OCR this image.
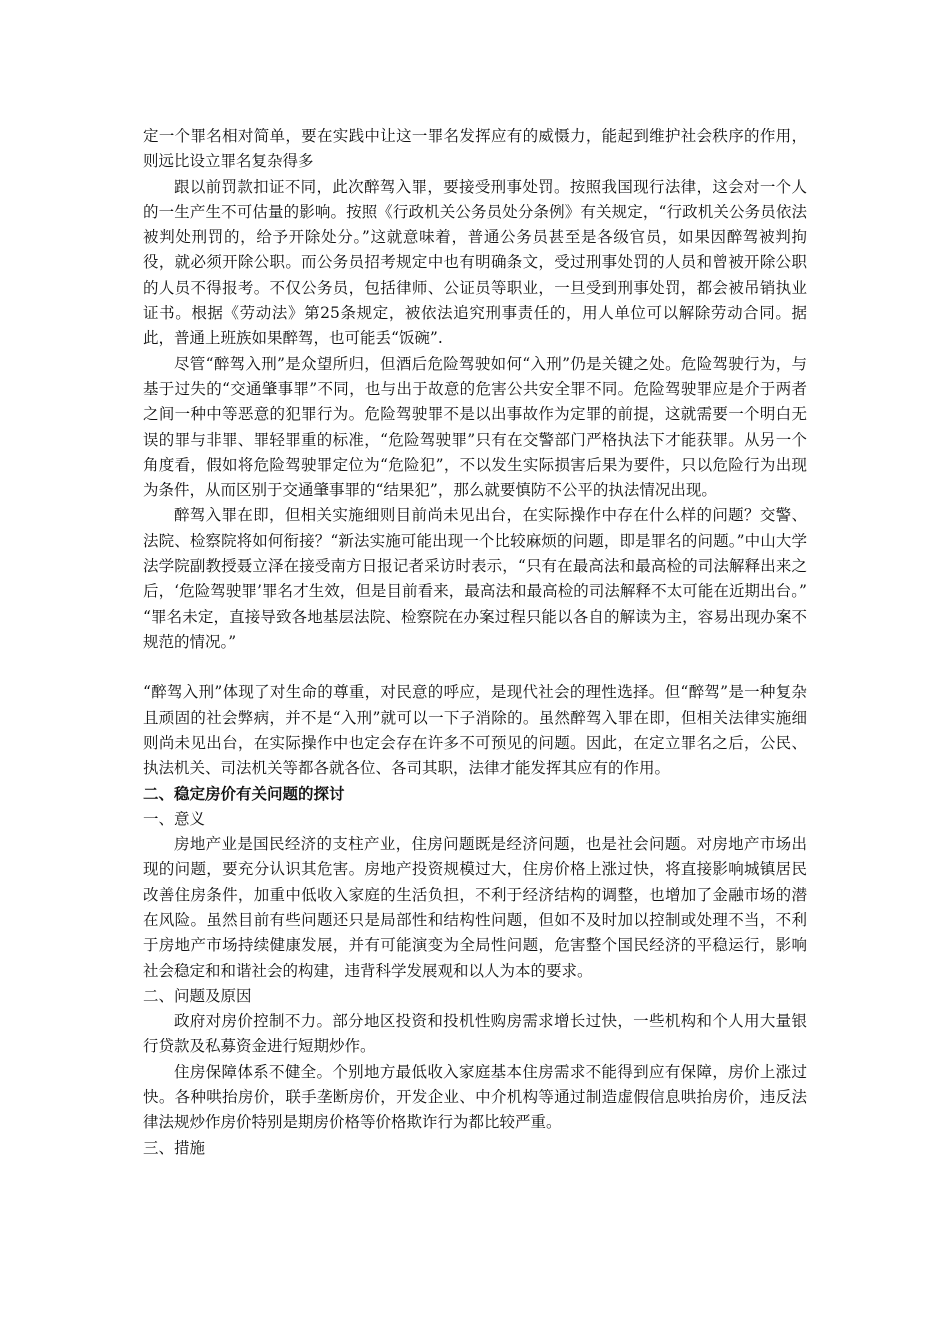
定一个罪名相对简单，要在实践中让这一罪名发挥应有的威慑力，能起到维护社会秩序的作用，则远比设立罪名复杂得多

跟以前罚款扣证不同，此次醉驾入罪，要接受刑事处罚。按照我国现行法律，这会对一个人的一生产生不可估量的影响。按照《行政机关公务员处分条例》有关规定，“行政机关公务员依法被判处刑罚的，给予开除处分。”这就意味着，普通公务员甚至是各级官员，如果因醉驾被判拘役，就必须开除公职。而公务员招考规定中也有明确条文，受过刑事处罚的人员和曾被开除公职的人员不得报考。不仅公务员，包括律师、公证员等职业，一旦受到刑事处罚，都会被吊销执业证书。根据《劳动法》第25条规定，被依法追究刑事责任的，用人单位可以解除劳动合同。据此，普通上班族如果醉驾，也可能丢“饭碗”.

尽管“醉驾入刑”是众望所归，但酒后危险驾驶如何“入刑”仍是关键之处。危险驾驶行为，与基于过失的“交通肇事罪”不同，也与出于故意的危害公共安全罪不同。危险驾驶罪应是介于两者之间一种中等恶意的犯罪行为。危险驾驶罪不是以出事故作为定罪的前提，这就需要一个明白无误的罪与非罪、罪轻罪重的标准，“危险驾驶罪”只有在交警部门严格执法下才能获罪。从另一个角度看，假如将危险驾驶罪定位为“危险犯”，不以发生实际损害后果为要件，只以危险行为出现为条件，从而区别于交通肇事罪的“结果犯”，那么就要慎防不公平的执法情况出现。

醉驾入罪在即，但相关实施细则目前尚未见出台，在实际操作中存在什么样的问题？交警、法院、检察院将如何衔接？“新法实施可能出现一个比较麻烦的问题，即是罪名的问题。”中山大学法学院副教授聂立泽在接受南方日报记者采访时表示，“只有在最高法和最高检的司法解释出来之后，‘危险驾驶罪’罪名才生效，但是目前看来，最高法和最高检的司法解释不太可能在近期出台。” “罪名未定，直接导致各地基层法院、检察院在办案过程只能以各自的解读为主，容易出现办案不规范的情况。”

“醉驾入刑”体现了对生命的尊重，对民意的呼应，是现代社会的理性选择。但“醉驾”是一种复杂且顽固的社会弊病，并不是“入刑”就可以一下子消除的。虽然醉驾入罪在即，但相关法律实施细则尚未见出台，在实际操作中也定会存在许多不可预见的问题。因此，在定立罪名之后，公民、执法机关、司法机关等都各就各位、各司其职，法律才能发挥其应有的作用。

二、稳定房价有关问题的探讨

一、意义

房地产业是国民经济的支柱产业，住房问题既是经济问题，也是社会问题。对房地产市场出现的问题，要充分认识其危害。房地产投资规模过大，住房价格上涨过快，将直接影响城镇居民改善住房条件，加重中低收入家庭的生活负担，不利于经济结构的调整，也增加了金融市场的潜在风险。虽然目前有些问题还只是局部性和结构性问题，但如不及时加以控制或处理不当，不利于房地产市场持续健康发展，并有可能演变为全局性问题，危害整个国民经济的平稳运行，影响社会稳定和和谐社会的构建，违背科学发展观和以人为本的要求。

二、问题及原因

政府对房价控制不力。部分地区投资和投机性购房需求增长过快，一些机构和个人用大量银行贷款及私募资金进行短期炒作。

住房保障体系不健全。个别地方最低收入家庭基本住房需求不能得到应有保障，房价上涨过快。各种哄抬房价，联手垄断房价，开发企业、中介机构等通过制造虚假信息哄抬房价，违反法律法规炒作房价特别是期房价格等价格欺诈行为都比较严重。

三、措施
